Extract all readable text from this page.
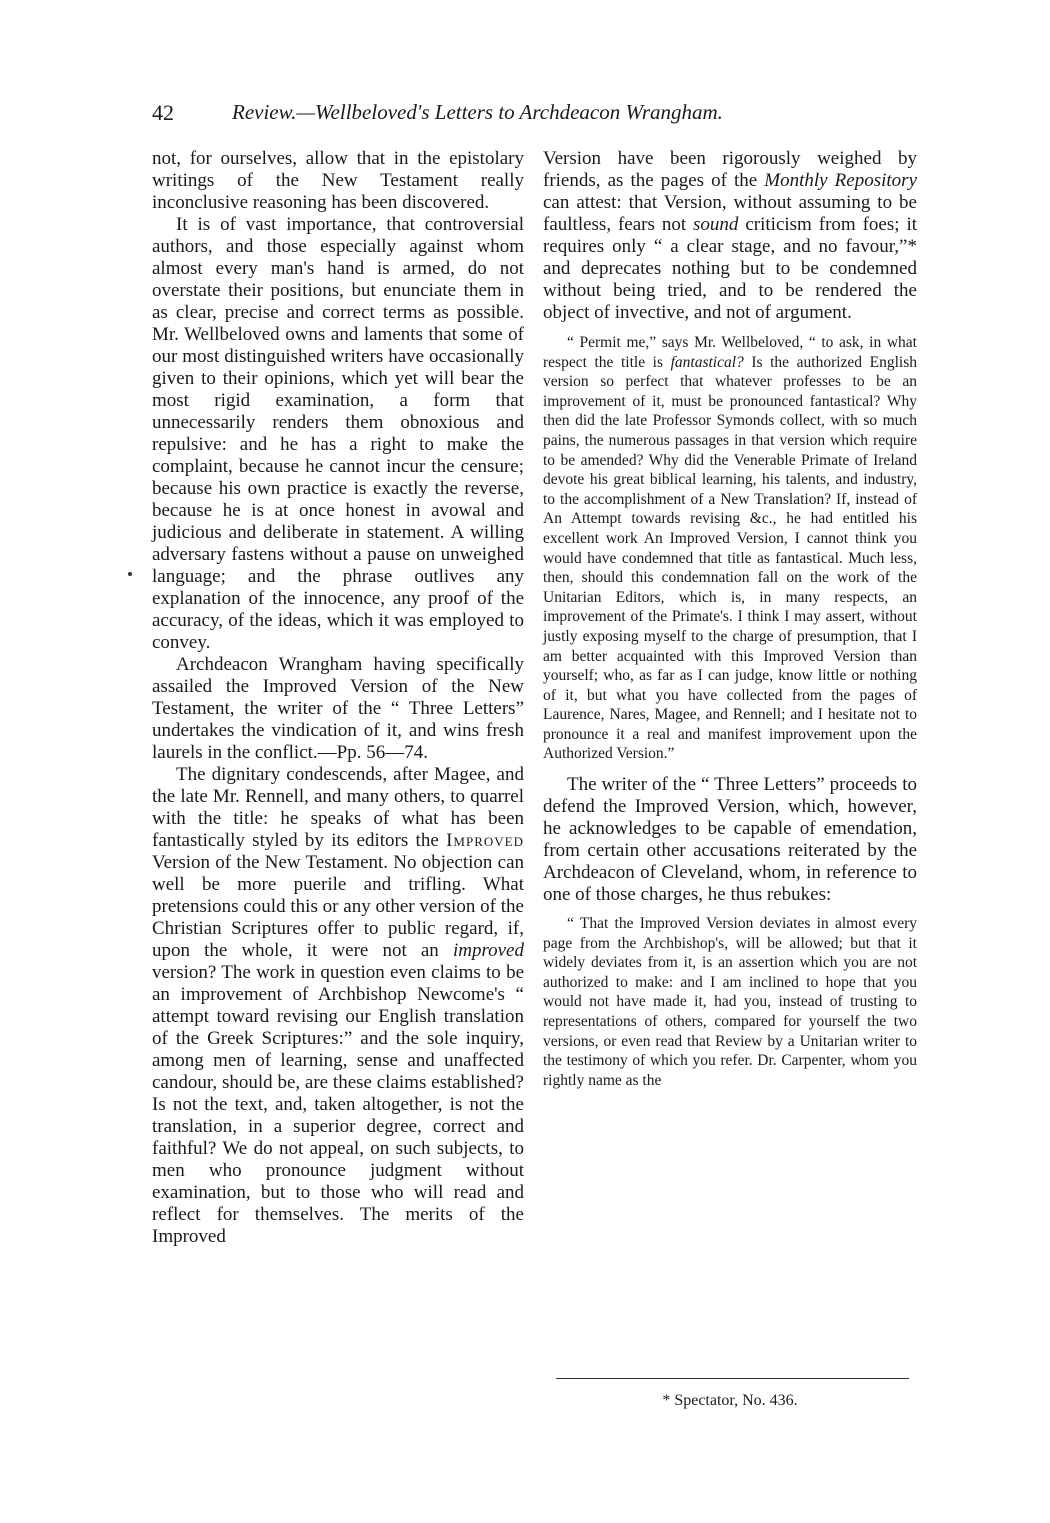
42	Review.—Wellbeloved's Letters to Archdeacon Wrangham.

not, for ourselves, allow that in the epistolary writings of the New Testament really inconclusive reasoning has been discovered.

It is of vast importance, that controversial authors, and those especially against whom almost every man's hand is armed, do not overstate their positions, but enunciate them in as clear, precise and correct terms as possible. Mr. Wellbeloved owns and laments that some of our most distinguished writers have occasionally given to their opinions, which yet will bear the most rigid examination, a form that unnecessarily renders them obnoxious and repulsive: and he has a right to make the complaint, because he cannot incur the censure; because his own practice is exactly the reverse, because he is at once honest in avowal and judicious and deliberate in statement. A willing adversary fastens without a pause on unweighed language; and the phrase outlives any explanation of the innocence, any proof of the accuracy, of the ideas, which it was employed to convey.

Archdeacon Wrangham having specifically assailed the Improved Version of the New Testament, the writer of the “ Three Letters” undertakes the vindication of it, and wins fresh laurels in the conflict.—Pp. 56—74.

The dignitary condescends, after Magee, and the late Mr. Rennell, and many others, to quarrel with the title: he speaks of what has been fantastically styled by its editors the Improved Version of the New Testament. No objection can well be more puerile and trifling. What pretensions could this or any other version of the Christian Scriptures offer to public regard, if, upon the whole, it were not an improved version? The work in question even claims to be an improvement of Archbishop Newcome's “ attempt toward revising our English translation of the Greek Scriptures:” and the sole inquiry, among men of learning, sense and unaffected candour, should be, are these claims established? Is not the text, and, taken altogether, is not the translation, in a superior degree, correct and faithful? We do not appeal, on such subjects, to men who pronounce judgment without examination, but to those who will read and reflect for themselves. The merits of the Improved

Version have been rigorously weighed by friends, as the pages of the Monthly Repository can attest: that Version, without assuming to be faultless, fears not sound criticism from foes; it requires only “ a clear stage, and no favour,”* and deprecates nothing but to be condemned without being tried, and to be rendered the object of invective, and not of argument.

“ Permit me,” says Mr. Wellbeloved, “ to ask, in what respect the title is fantastical? Is the authorized English version so perfect that whatever professes to be an improvement of it, must be pronounced fantastical? Why then did the late Professor Symonds collect, with so much pains, the numerous passages in that version which require to be amended? Why did the Venerable Primate of Ireland devote his great biblical learning, his talents, and industry, to the accomplishment of a New Translation? If, instead of An Attempt towards revising &c., he had entitled his excellent work An Improved Version, I cannot think you would have condemned that title as fantastical. Much less, then, should this condemnation fall on the work of the Unitarian Editors, which is, in many respects, an improvement of the Primate's. I think I may assert, without justly exposing myself to the charge of presumption, that I am better acquainted with this Improved Version than yourself; who, as far as I can judge, know little or nothing of it, but what you have collected from the pages of Laurence, Nares, Magee, and Rennell; and I hesitate not to pronounce it a real and manifest improvement upon the Authorized Version.”

The writer of the “ Three Letters” proceeds to defend the Improved Version, which, however, he acknowledges to be capable of emendation, from certain other accusations reiterated by the Archdeacon of Cleveland, whom, in reference to one of those charges, he thus rebukes:

“ That the Improved Version deviates in almost every page from the Archbishop's, will be allowed; but that it widely deviates from it, is an assertion which you are not authorized to make: and I am inclined to hope that you would not have made it, had you, instead of trusting to representations of others, compared for yourself the two versions, or even read that Review by a Unitarian writer to the testimony of which you refer. Dr. Carpenter, whom you rightly name as the

* Spectator, No. 436.
